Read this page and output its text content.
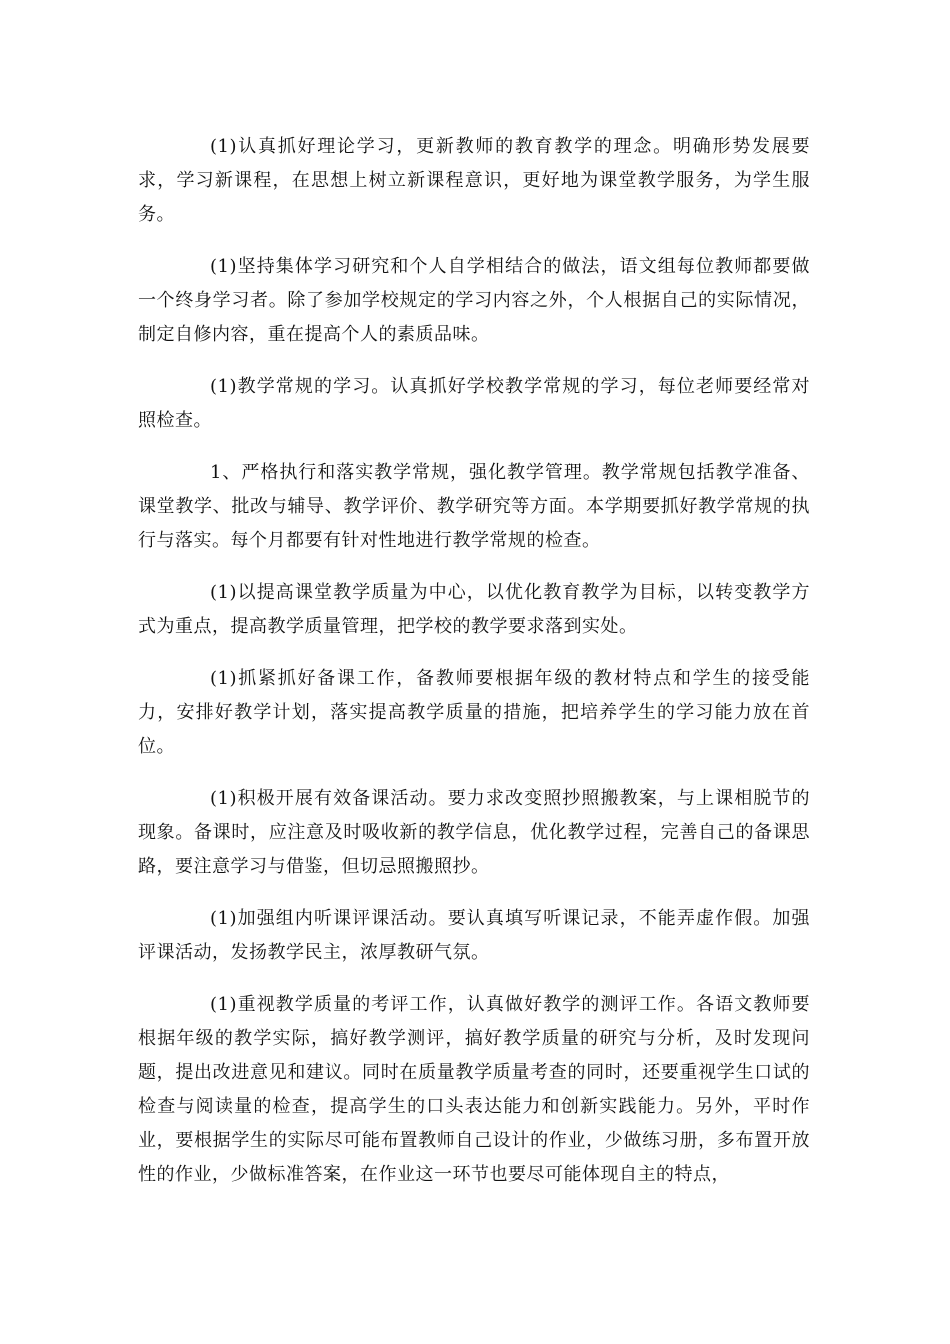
(1)认真抓好理论学习，更新教师的教育教学的理念。明确形势发展要求，学习新课程，在思想上树立新课程意识，更好地为课堂教学服务，为学生服务。

(1)坚持集体学习研究和个人自学相结合的做法，语文组每位教师都要做一个终身学习者。除了参加学校规定的学习内容之外，个人根据自己的实际情况，制定自修内容，重在提高个人的素质品味。

(1)教学常规的学习。认真抓好学校教学常规的学习，每位老师要经常对照检查。

1、严格执行和落实教学常规，强化教学管理。教学常规包括教学准备、课堂教学、批改与辅导、教学评价、教学研究等方面。本学期要抓好教学常规的执行与落实。每个月都要有针对性地进行教学常规的检查。

(1)以提高课堂教学质量为中心，以优化教育教学为目标，以转变教学方式为重点，提高教学质量管理，把学校的教学要求落到实处。

(1)抓紧抓好备课工作，备教师要根据年级的教材特点和学生的接受能力，安排好教学计划，落实提高教学质量的措施，把培养学生的学习能力放在首位。

(1)积极开展有效备课活动。要力求改变照抄照搬教案，与上课相脱节的现象。备课时，应注意及时吸收新的教学信息，优化教学过程，完善自己的备课思路，要注意学习与借鉴，但切忌照搬照抄。

(1)加强组内听课评课活动。要认真填写听课记录，不能弄虚作假。加强评课活动，发扬教学民主，浓厚教研气氛。

(1)重视教学质量的考评工作，认真做好教学的测评工作。各语文教师要根据年级的教学实际，搞好教学测评，搞好教学质量的研究与分析，及时发现问题，提出改进意见和建议。同时在质量教学质量考查的同时，还要重视学生口试的检查与阅读量的检查，提高学生的口头表达能力和创新实践能力。另外，平时作业，要根据学生的实际尽可能布置教师自己设计的作业，少做练习册，多布置开放性的作业，少做标准答案，在作业这一环节也要尽可能体现自主的特点，
